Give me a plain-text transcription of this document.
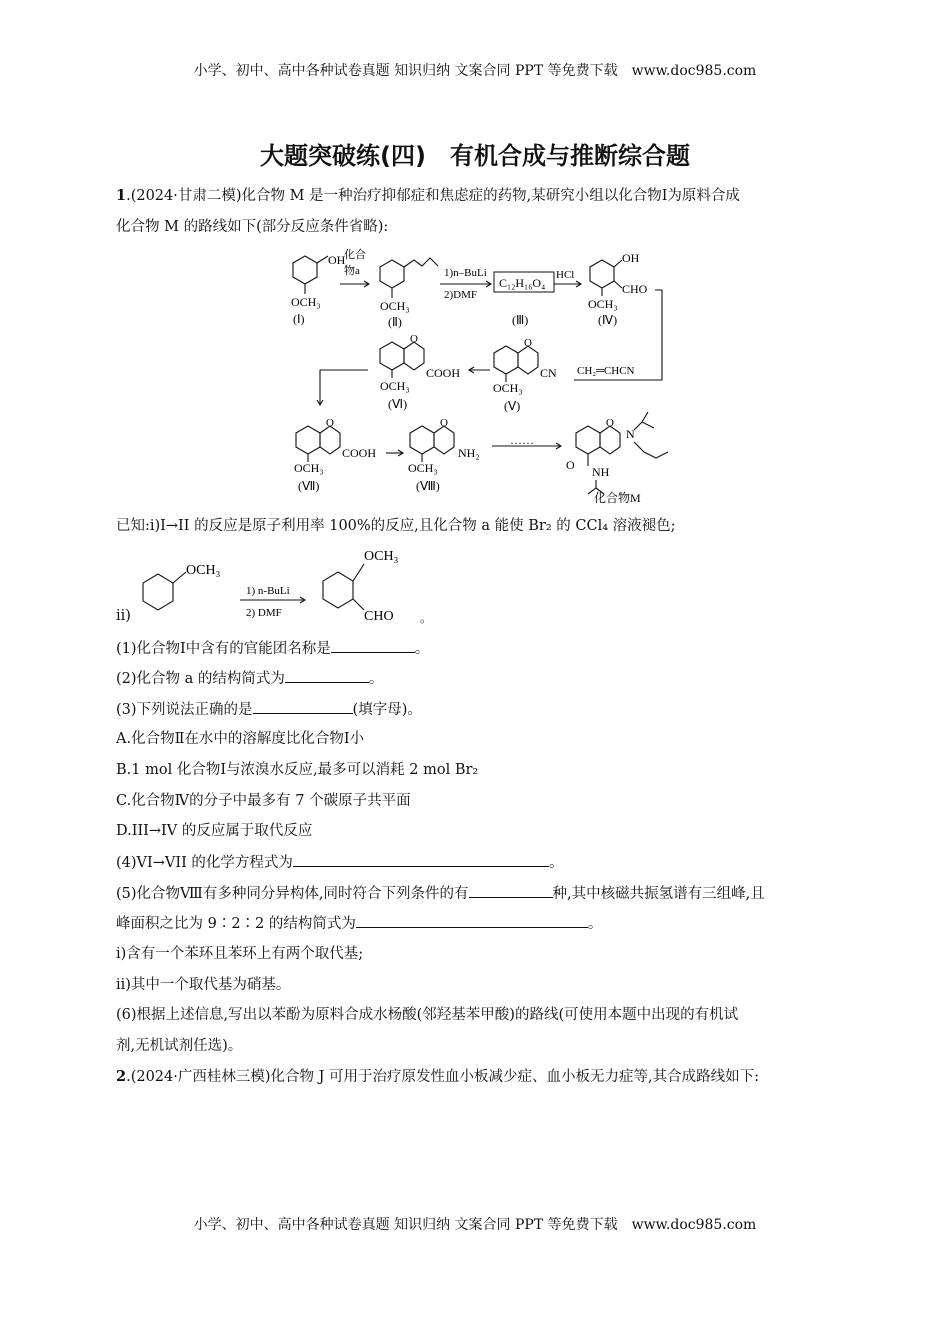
小学、初中、高中各种试卷真题 知识归纳 文案合同 PPT 等免费下载　www.doc985.com
大题突破练(四)　有机合成与推断综合题
1.(2024·甘肃二模)化合物 M 是一种治疗抑郁症和焦虑症的药物,某研究小组以化合物Ⅰ为原料合成
化合物 M 的路线如下(部分反应条件省略):
OH
OCH₃
(Ⅰ)
化合
物a
OCH₃
(Ⅱ)
1)n–BuLi
2)DMF
C₁₂H₁₆O₄
(Ⅲ)
HCl
OH
CHO
OCH₃
(Ⅳ)
CH₂═CHCN
O
CN
OCH₃
(Ⅴ)
O
COOH
OCH₃
(Ⅵ)
O
COOH
OCH₃
(Ⅶ)
O
NH₂
OCH₃
(Ⅷ)
……
O
N
O NH
化合物M
已知:i)I→II 的反应是原子利用率 100%的反应,且化合物 a 能使 Br₂ 的 CCl₄ 溶液褪色;
ii)
OCH₃
1) n-BuLi
2) DMF
OCH₃
CHO 。
(1)化合物Ⅰ中含有的官能团名称是	。
(2)化合物 a 的结构简式为	。
(3)下列说法正确的是	(填字母)。
A.化合物Ⅱ在水中的溶解度比化合物Ⅰ小
B.1 mol 化合物Ⅰ与浓溴水反应,最多可以消耗 2 mol Br₂
C.化合物Ⅳ的分子中最多有 7 个碳原子共平面
D.III→IV 的反应属于取代反应
(4)VI→VII 的化学方程式为	。
(5)化合物Ⅷ有多种同分异构体,同时符合下列条件的有	种,其中核磁共振氢谱有三组峰,且
峰面积之比为 9∶2∶2 的结构简式为	。
i)含有一个苯环且苯环上有两个取代基;
ii)其中一个取代基为硝基。
(6)根据上述信息,写出以苯酚为原料合成水杨酸(邻羟基苯甲酸)的路线(可使用本题中出现的有机试
剂,无机试剂任选)。
2.(2024·广西桂林三模)化合物 J 可用于治疗原发性血小板减少症、血小板无力症等,其合成路线如下:
小学、初中、高中各种试卷真题 知识归纳 文案合同 PPT 等免费下载　www.doc985.com
